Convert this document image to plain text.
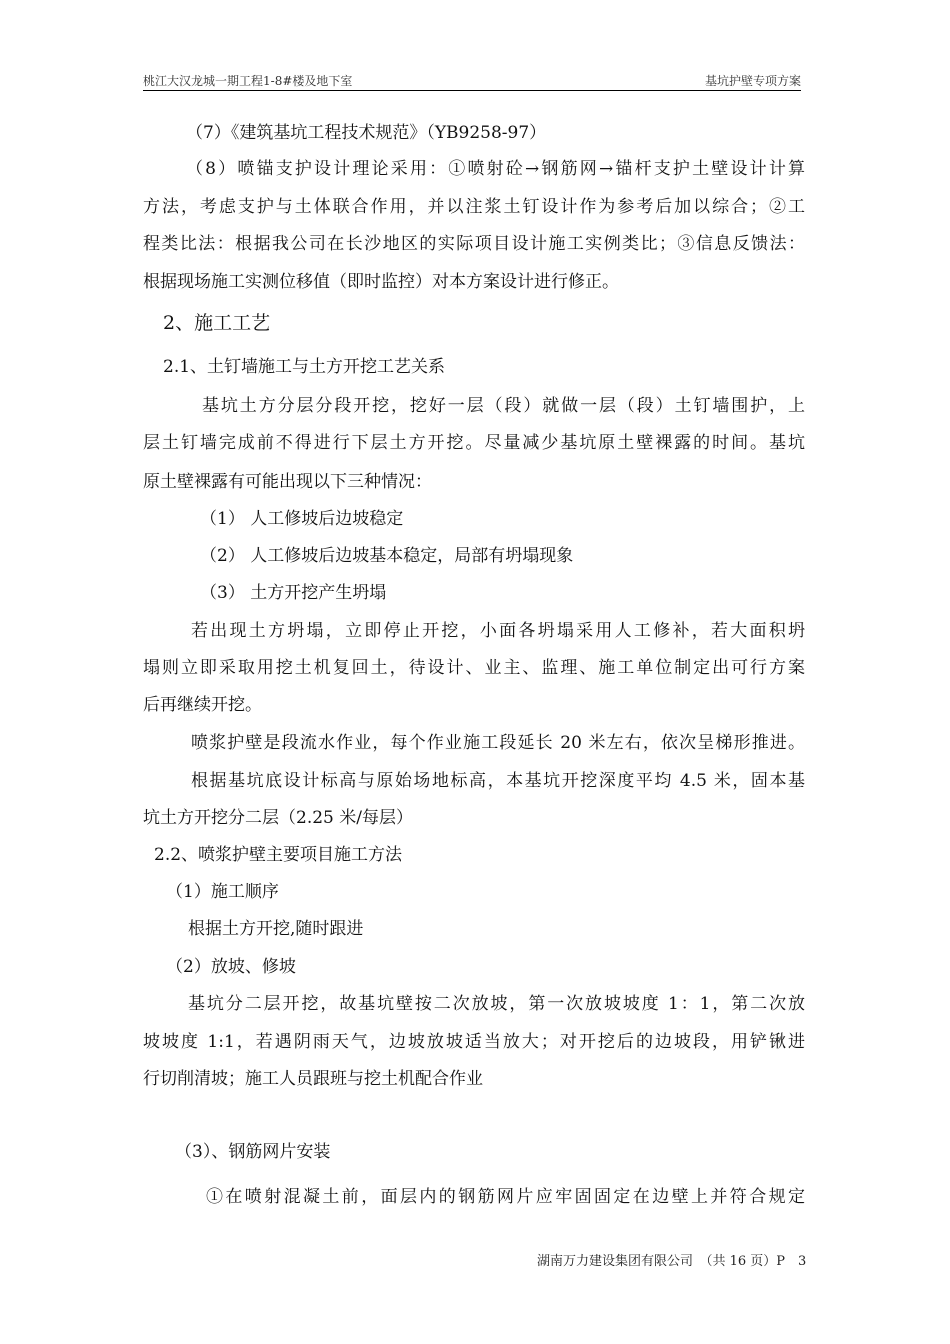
桃江大汉龙城一期工程1-8#楼及地下室	基坑护壁专项方案
（7）《建筑基坑工程技术规范》（YB9258-97）
（8）喷锚支护设计理论采用：①喷射砼→钢筋网→锚杆支护土壁设计计算
方法，考虑支护与土体联合作用，并以注浆土钉设计作为参考后加以综合；②工
程类比法：根据我公司在长沙地区的实际项目设计施工实例类比；③信息反馈法：
根据现场施工实测位移值（即时监控）对本方案设计进行修正。
2、施工工艺
2.1、土钉墙施工与土方开挖工艺关系
基坑土方分层分段开挖，挖好一层（段）就做一层（段）土钉墙围护，上
层土钉墙完成前不得进行下层土方开挖。尽量减少基坑原土壁裸露的时间。基坑
原土壁裸露有可能出现以下三种情况：
（1） 人工修坡后边坡稳定
（2） 人工修坡后边坡基本稳定，局部有坍塌现象
（3） 土方开挖产生坍塌
若出现土方坍塌，立即停止开挖，小面各坍塌采用人工修补，若大面积坍
塌则立即采取用挖土机复回土，待设计、业主、监理、施工单位制定出可行方案
后再继续开挖。
喷浆护壁是段流水作业，每个作业施工段延长 20 米左右，依次呈梯形推进。
根据基坑底设计标高与原始场地标高，本基坑开挖深度平均 4.5 米，固本基
坑土方开挖分二层（2.25 米/每层）
2.2、喷浆护壁主要项目施工方法
（1）施工顺序
根据土方开挖,随时跟进
（2）放坡、修坡
基坑分二层开挖，故基坑壁按二次放坡，第一次放坡坡度 1：1，第二次放
坡坡度 1:1，若遇阴雨天气，边坡放坡适当放大；对开挖后的边坡段，用铲锹进
行切削清坡；施工人员跟班与挖土机配合作业
（3）、钢筋网片安装
①在喷射混凝土前，面层内的钢筋网片应牢固固定在边壁上并符合规定
湖南万力建设集团有限公司　（共 16 页）P　3
